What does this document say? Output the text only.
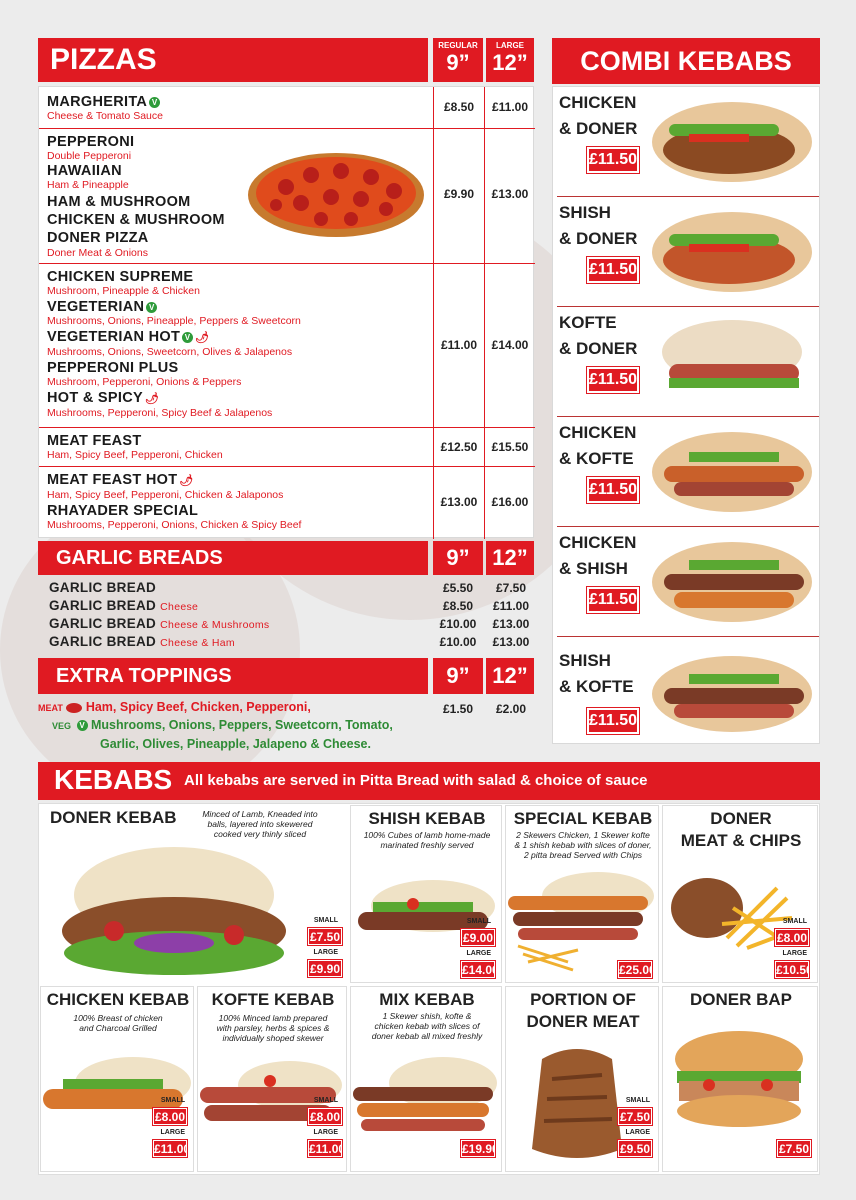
PIZZAS	REGULAR
9”
LARGE
12”
MARGHERITA V
Cheese & Tomato Sauce
£8.50	£11.00
PEPPERONI
Double Pepperoni
HAWAIIAN
Ham & Pineapple
HAM & MUSHROOM
CHICKEN & MUSHROOM
DONER PIZZA
Doner Meat & Onions
£9.90	£13.00
CHICKEN SUPREME
Mushroom, Pineapple & Chicken
VEGETERIAN V
Mushrooms, Onions, Pineapple, Peppers & Sweetcorn
VEGETERIAN HOT V 🌶
Mushrooms, Onions, Sweetcorn, Olives & Jalapenos
PEPPERONI PLUS
Mushroom, Pepperoni, Onions & Peppers
HOT & SPICY 🌶
Mushrooms, Pepperoni, Spicy Beef & Jalapenos
£11.00	£14.00
MEAT FEAST
Ham, Spicy Beef, Pepperoni, Chicken
£12.50	£15.50
MEAT FEAST HOT 🌶
Ham, Spicy Beef, Pepperoni, Chicken & Jalaponos
RHAYADER SPECIAL
Mushrooms, Pepperoni, Onions, Chicken & Spicy Beef
£13.00	£16.00
GARLIC BREADS	9”	12”
GARLIC BREAD	£5.50	£7.50
GARLIC BREAD Cheese	£8.50	£11.00
GARLIC BREAD Cheese & Mushrooms	£10.00	£13.00
GARLIC BREAD Cheese & Ham	£10.00	£13.00
EXTRA TOPPINGS	9”	12”
MEAT Ham, Spicy Beef, Chicken, Pepperoni,
VEG V Mushrooms, Onions, Peppers, Sweetcorn, Tomato,
Garlic, Olives, Pineapple, Jalapeno & Cheese.
£1.50	£2.00
COMBI KEBABS
CHICKEN
& DONER
£11.50
SHISH
& DONER
£11.50
KOFTE
& DONER
£11.50
CHICKEN
& KOFTE
£11.50
CHICKEN
& SHISH
£11.50
SHISH
& KOFTE
£11.50
KEBABS All kebabs are served in Pitta Bread with salad & choice of sauce
DONER KEBAB	Minced of Lamb, Kneaded into
balls, layered into skewered
cooked very thinly sliced
SMALL
£7.50
LARGE
£9.90
SHISH KEBAB
100% Cubes of lamb home-made
marinated freshly served
SMALL
£9.00
LARGE
£14.00
SPECIAL KEBAB
2 Skewers Chicken, 1 Skewer kofte
& 1 shish kebab with slices of doner,
2 pitta bread Served with Chips
£25.00
DONER
MEAT & CHIPS
SMALL
£8.00
LARGE
£10.50
CHICKEN KEBAB
100% Breast of chicken
and Charcoal Grilled
SMALL
£8.00
LARGE
£11.00
KOFTE KEBAB
100% Minced lamb prepared
with parsley, herbs & spices &
individually shoped skewer
SMALL
£8.00
LARGE
£11.00
MIX KEBAB
1 Skewer shish, kofte &
chicken kebab with slices of
doner kebab all mixed freshly
£19.90
PORTION OF
DONER MEAT
SMALL
£7.50
LARGE
£9.50
DONER BAP
£7.50
